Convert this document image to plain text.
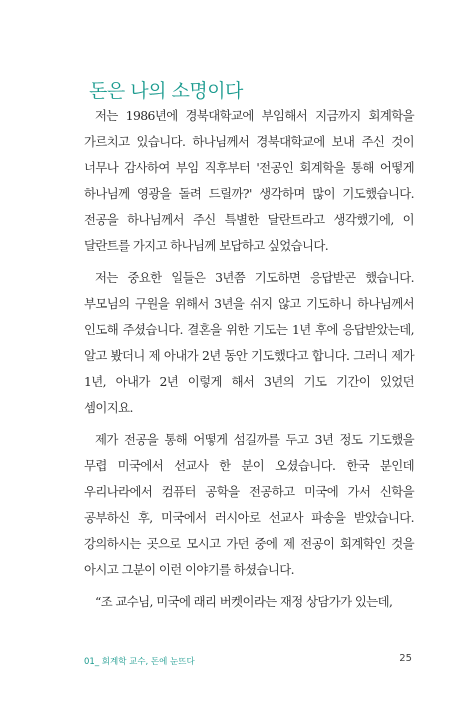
돈은 나의 소명이다

저는 1986년에 경북대학교에 부임해서 지금까지 회계학을 가르치고 있습니다. 하나님께서 경북대학교에 보내 주신 것이 너무나 감사하여 부임 직후부터 '전공인 회계학을 통해 어떻게 하나님께 영광을 돌려 드릴까?' 생각하며 많이 기도했습니다. 전공을 하나님께서 주신 특별한 달란트라고 생각했기에, 이 달란트를 가지고 하나님께 보답하고 싶었습니다.

저는 중요한 일들은 3년쯤 기도하면 응답받곤 했습니다. 부모님의 구원을 위해서 3년을 쉬지 않고 기도하니 하나님께서 인도해 주셨습니다. 결혼을 위한 기도는 1년 후에 응답받았는데, 알고 봤더니 제 아내가 2년 동안 기도했다고 합니다. 그러니 제가 1년, 아내가 2년 이렇게 해서 3년의 기도 기간이 있었던 셈이지요.

제가 전공을 통해 어떻게 섬길까를 두고 3년 정도 기도했을 무렵 미국에서 선교사 한 분이 오셨습니다. 한국 분인데 우리나라에서 컴퓨터 공학을 전공하고 미국에 가서 신학을 공부하신 후, 미국에서 러시아로 선교사 파송을 받았습니다. 강의하시는 곳으로 모시고 가던 중에 제 전공이 회계학인 것을 아시고 그분이 이런 이야기를 하셨습니다.

“조 교수님, 미국에 래리 버켓이라는 재정 상담가가 있는데,

01_ 회계학 교수, 돈에 눈뜨다	25
